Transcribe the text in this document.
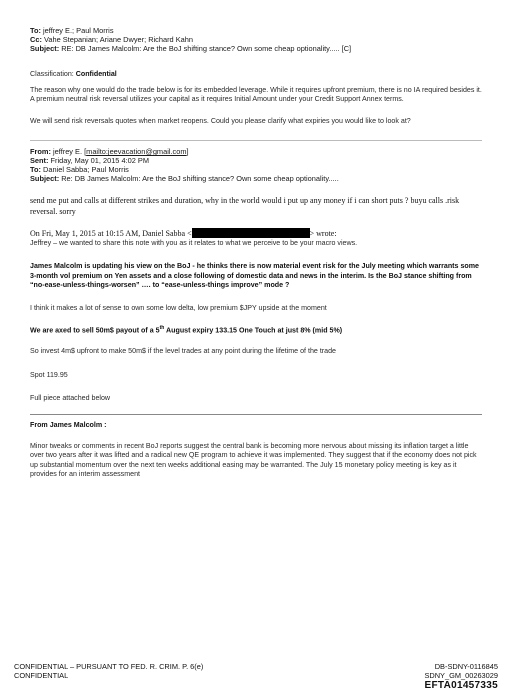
To: jeffrey E.; Paul Morris
Cc: Vahe Stepanian; Ariane Dwyer; Richard Kahn
Subject: RE: DB James Malcolm: Are the BoJ shifting stance? Own some cheap optionality..... [C]
Classification: Confidential

The reason why one would do the trade below is for its embedded leverage. While it requires upfront premium, there is no IA required besides it. A premium neutral risk reversal utilizes your capital as it requires Initial Amount under your Credit Support Annex terms.

We will send risk reversals quotes when market reopens. Could you please clarify what expiries you would like to look at?

From: jeffrey E. [mailto:jeevacation@gmail.com]
Sent: Friday, May 01, 2015 4:02 PM
To: Daniel Sabba; Paul Morris
Subject: Re: DB James Malcolm: Are the BoJ shifting stance? Own some cheap optionality.....

send me put and calls at different strikes and duration, why in the world would i put up any money if i can short puts ? buyu calls .risk reversal. sorry

On Fri, May 1, 2015 at 10:15 AM, Daniel Sabba <	> wrote:

Jeffrey – we wanted to share this note with you as it relates to what we perceive to be your macro views.

James Malcolm is updating his view on the BoJ - he thinks there is now material event risk for the July meeting which warrants some 3-month vol premium on Yen assets and a close following of domestic data and news in the interim. Is the BoJ stance shifting from “no-ease-unless-things-worsen” …. to “ease-unless-things improve” mode ?

I think it makes a lot of sense to own some low delta, low premium $JPY upside at the moment

We are axed to sell 50m$ payout of a 5th August expiry 133.15 One Touch at just 8% (mid 5%)

So invest 4m$ upfront to make 50m$ if the level trades at any point during the lifetime of the trade

Spot 119.95

Full piece attached below

From James Malcolm :

Minor tweaks or comments in recent BoJ reports suggest the central bank is becoming more nervous about missing its inflation target a little over two years after it was lifted and a radical new QE program to achieve it was implemented. They suggest that if the economy does not pick up substantial momentum over the next ten weeks additional easing may be warranted. The July 15 monetary policy meeting is key as it provides for an interim assessment

CONFIDENTIAL – PURSUANT TO FED. R. CRIM. P. 6(e)
CONFIDENTIAL
DB-SDNY-0116845
SDNY_GM_00263029
EFTA01457335
